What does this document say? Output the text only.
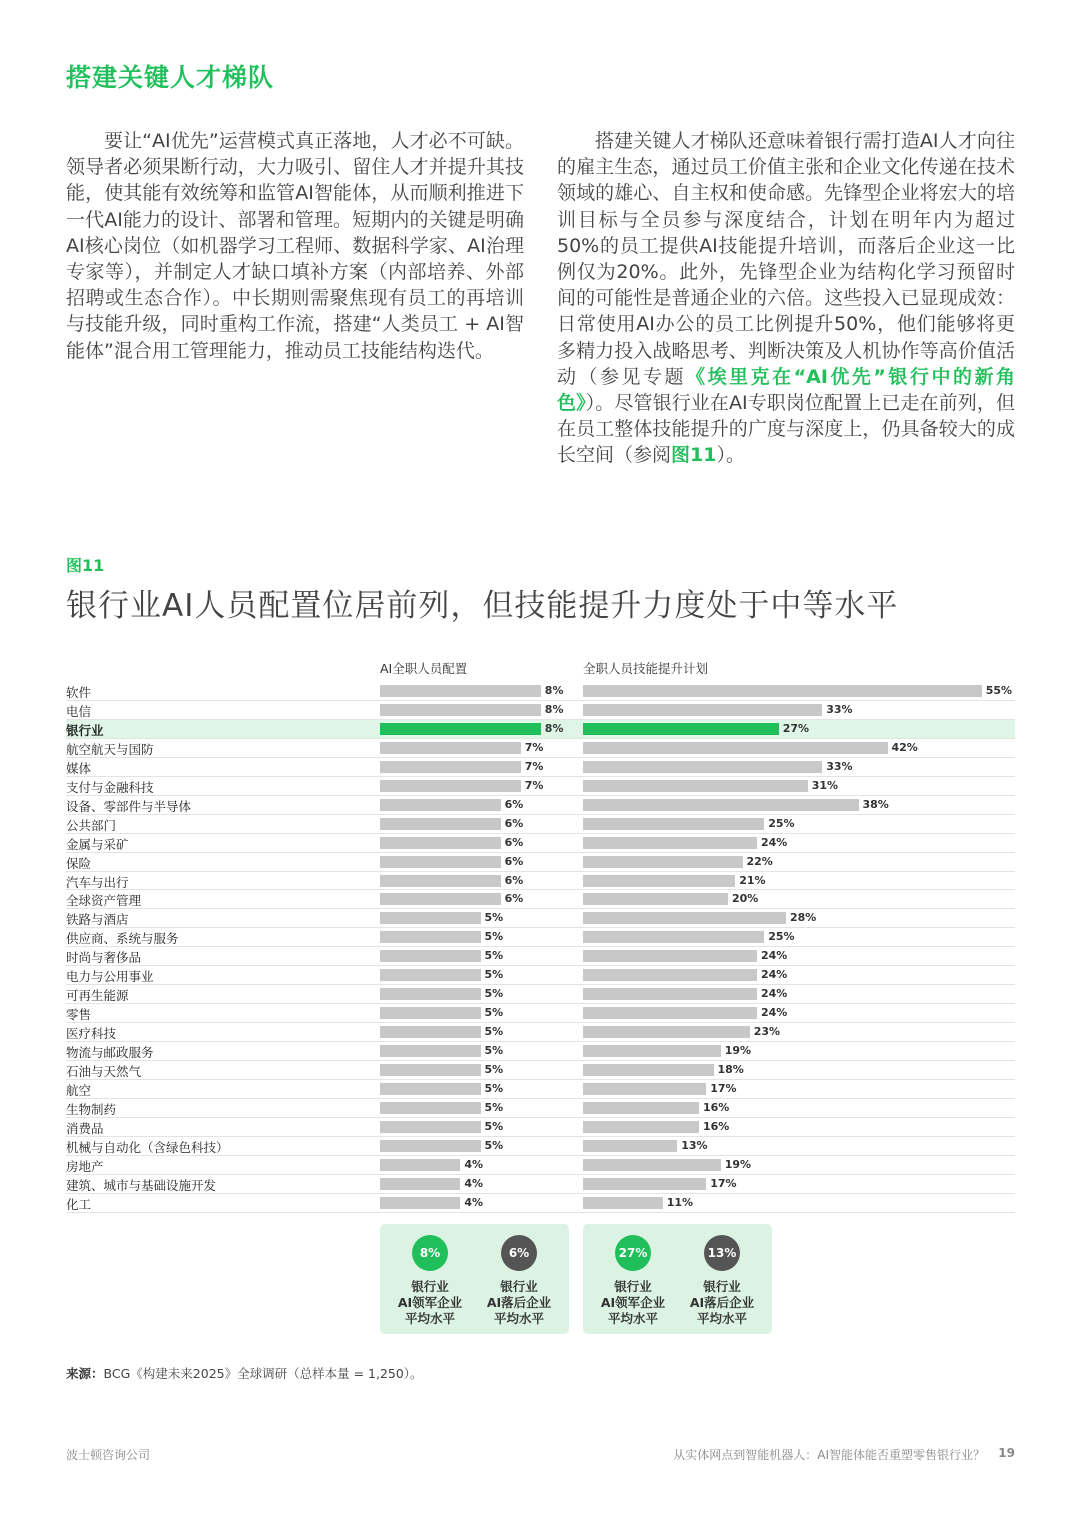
搭建关键人才梯队
要让“AI优先”运营模式真正落地，人才必不可缺。领导者必须果断行动，大力吸引、留住人才并提升其技能，使其能有效统筹和监管AI智能体，从而顺利推进下一代AI能力的设计、部署和管理。短期内的关键是明确AI核心岗位（如机器学习工程师、数据科学家、AI治理专家等），并制定人才缺口填补方案（内部培养、外部招聘或生态合作）。中长期则需聚焦现有员工的再培训与技能升级，同时重构工作流，搭建“人类员工 + AI智能体”混合用工管理能力，推动员工技能结构迭代。
搭建关键人才梯队还意味着银行需打造AI人才向往的雇主生态，通过员工价值主张和企业文化传递在技术领域的雄心、自主权和使命感。先锋型企业将宏大的培训目标与全员参与深度结合，计划在明年内为超过50%的员工提供AI技能提升培训，而落后企业这一比例仅为20%。此外，先锋型企业为结构化学习预留时间的可能性是普通企业的六倍。这些投入已显现成效：日常使用AI办公的员工比例提升50%，他们能够将更多精力投入战略思考、判断决策及人机协作等高价值活动（参见专题《埃里克在“AI优先”银行中的新角色》）。尽管银行业在AI专职岗位配置上已走在前列，但在员工整体技能提升的广度与深度上，仍具备较大的成长空间（参阅图11）。
图11
银行业AI人员配置位居前列，但技能提升力度处于中等水平
AI全职人员配置	全职人员技能提升计划
软件	8%	55%
电信	8%	33%
银行业	8%	27%
航空航天与国防	7%	42%
媒体	7%	33%
支付与金融科技	7%	31%
设备、零部件与半导体	6%	38%
公共部门	6%	25%
金属与采矿	6%	24%
保险	6%	22%
汽车与出行	6%	21%
全球资产管理	6%	20%
铁路与酒店	5%	28%
供应商、系统与服务	5%	25%
时尚与奢侈品	5%	24%
电力与公用事业	5%	24%
可再生能源	5%	24%
零售	5%	24%
医疗科技	5%	23%
物流与邮政服务	5%	19%
石油与天然气	5%	18%
航空	5%	17%
生物制药	5%	16%
消费品	5%	16%
机械与自动化（含绿色科技）	5%	13%
房地产	4%	19%
建筑、城市与基础设施开发	4%	17%
化工	4%	11%
8%
银行业
AI领军企业
平均水平
6%
银行业
AI落后企业
平均水平
27%
银行业
AI领军企业
平均水平
13%
银行业
AI落后企业
平均水平
来源：BCG《构建未来2025》全球调研（总样本量 = 1,250）。
波士顿咨询公司	从实体网点到智能机器人：AI智能体能否重塑零售银行业？ 19
